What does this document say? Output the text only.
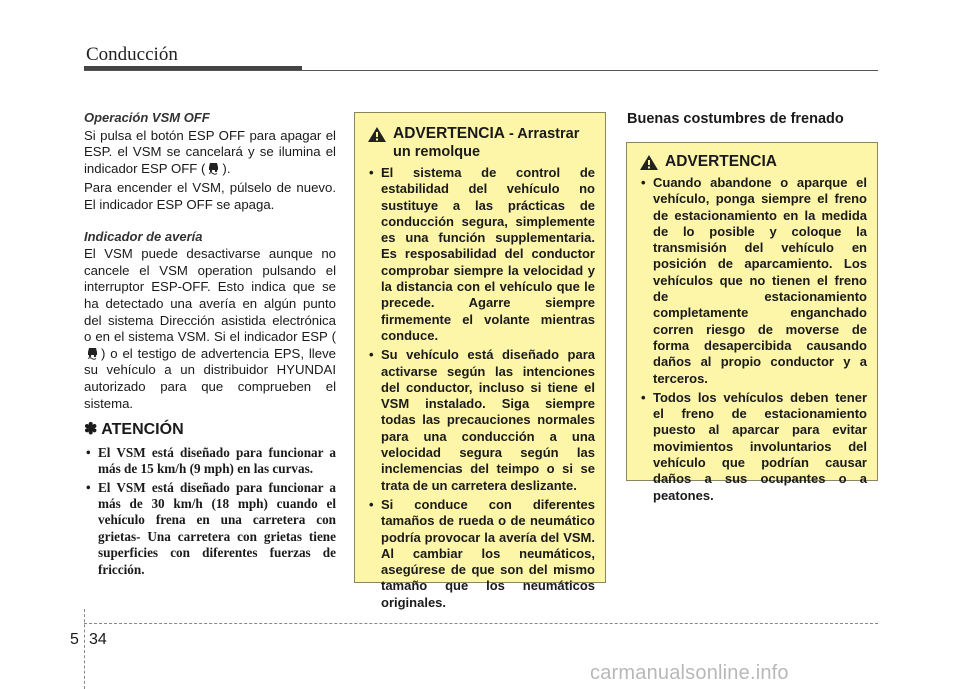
Conducción
Operación VSM OFF

Si pulsa el botón ESP OFF para apagar el ESP. el VSM se cancelará y se ilumina el indicador ESP OFF ( ).

Para encender el VSM, púlselo de nuevo. El indicador ESP OFF se apaga.

Indicador de avería

El VSM puede desactivarse aunque no cancele el VSM operation pulsando el interruptor ESP-OFF. Esto indica que se ha detectado una avería en algún punto del sistema Dirección asistida electrónica o en el sistema VSM. Si el indicador ESP () o el testigo de advertencia EPS, lleve su vehículo a un distribuidor HYUNDAI autorizado para que comprueben el sistema.

✽ ATENCIÓN
• El VSM está diseñado para funcionar a más de 15 km/h (9 mph) en las curvas.
• El VSM está diseñado para funcionar a más de 30 km/h (18 mph) cuando el vehículo frena en una carretera con grietas- Una carretera con grietas tiene superficies con diferentes fuerzas de fricción.
ADVERTENCIA - Arrastrar un remolque
• El sistema de control de estabilidad del vehículo no sustituye a las prácticas de conducción segura, simplemente es una función supplementaria. Es resposabilidad del conductor comprobar siempre la velocidad y la distancia con el vehículo que le precede. Agarre siempre firmemente el volante mientras conduce.
• Su vehículo está diseñado para activarse según las intenciones del conductor, incluso si tiene el VSM instalado. Siga siempre todas las precauciones normales para una conducción a una velocidad segura según las inclemencias del teimpo o si se trata de un carretera deslizante.
• Si conduce con diferentes tamaños de rueda o de neumático podría provocar la avería del VSM. Al cambiar los neumáticos, asegúrese de que son del mismo tamaño que los neumáticos originales.
Buenas costumbres de frenado
ADVERTENCIA
• Cuando abandone o aparque el vehículo, ponga siempre el freno de estacionamiento en la medida de lo posible y coloque la transmisión del vehículo en posición de aparcamiento. Los vehículos que no tienen el freno de estacionamiento completamente enganchado corren riesgo de moverse de forma desapercibida causando daños al propio conductor y a terceros.
• Todos los vehículos deben tener el freno de estacionamiento puesto al aparcar para evitar movimientos involuntarios del vehículo que podrían causar daños a sus ocupantes o a peatones.
5 34
carmanualsonline.info
